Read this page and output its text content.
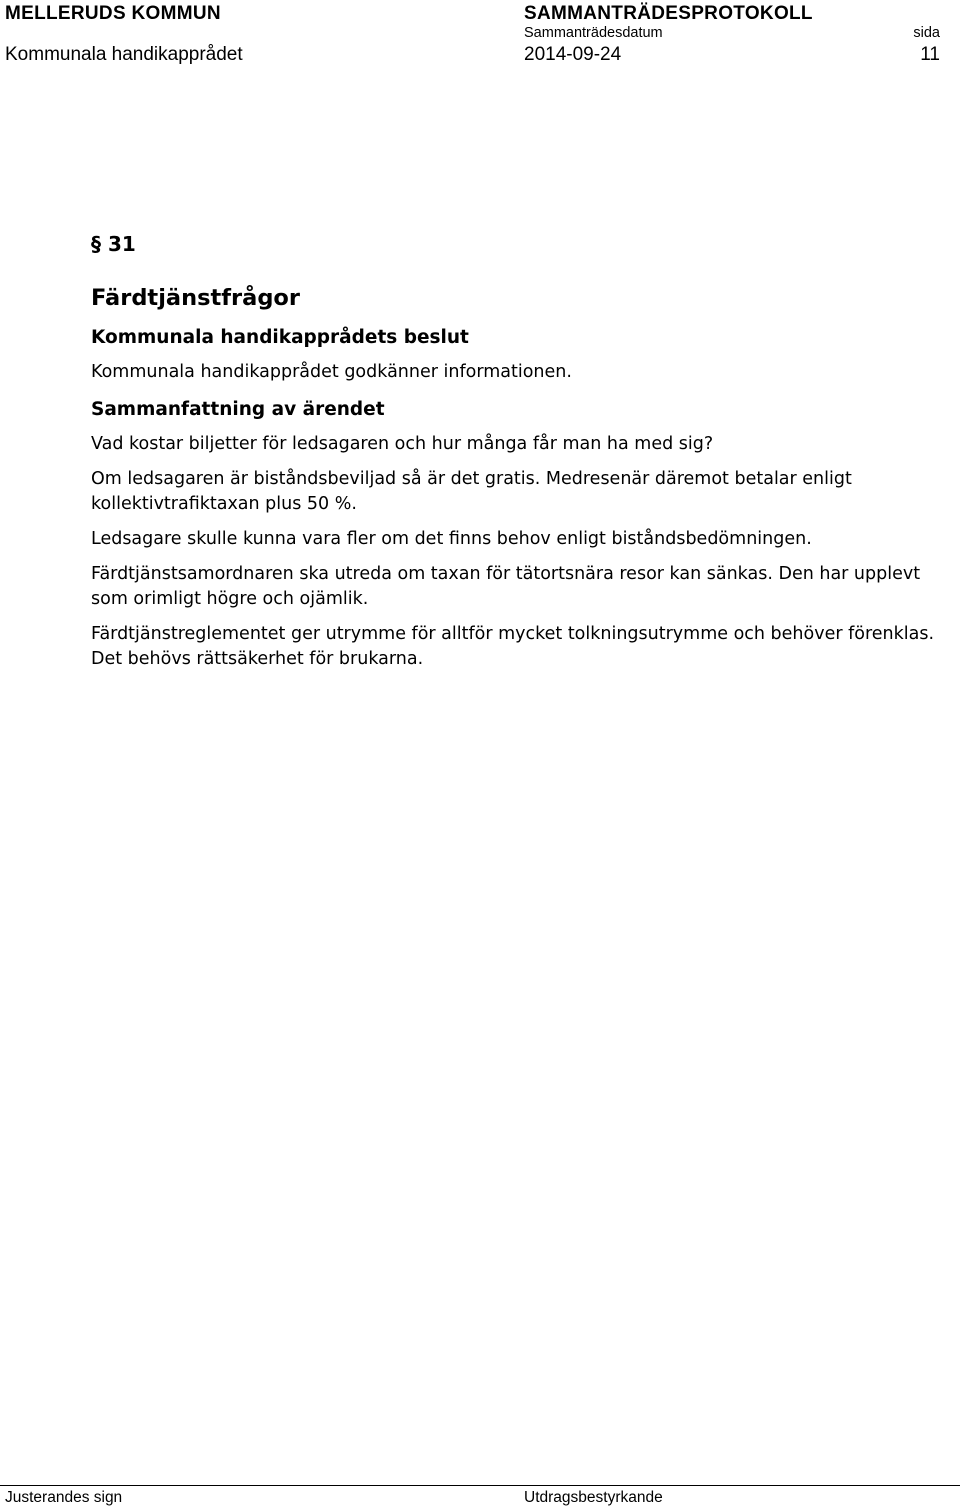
MELLERUDS KOMMUN	SAMMANTRÄDESPROTOKOLL
Sammanträdesdatum	sida
Kommunala handikapprådet	2014-09-24	11
§ 31
Färdtjänstfrågor
Kommunala handikapprådets beslut

Kommunala handikapprådet godkänner informationen.

Sammanfattning av ärendet

Vad kostar biljetter för ledsagaren och hur många får man ha med sig?

Om ledsagaren är biståndsbeviljad så är det gratis. Medresenär däremot betalar enligt kollektivtrafiktaxan plus 50 %.

Ledsagare skulle kunna vara fler om det finns behov enligt biståndsbedömningen.

Färdtjänstsamordnaren ska utreda om taxan för tätortsnära resor kan sänkas. Den har upplevt som orimligt högre och ojämlik.

Färdtjänstreglementet ger utrymme för alltför mycket tolkningsutrymme och behöver förenklas. Det behövs rättsäkerhet för brukarna.

Justerandes sign	Utdragsbestyrkande
